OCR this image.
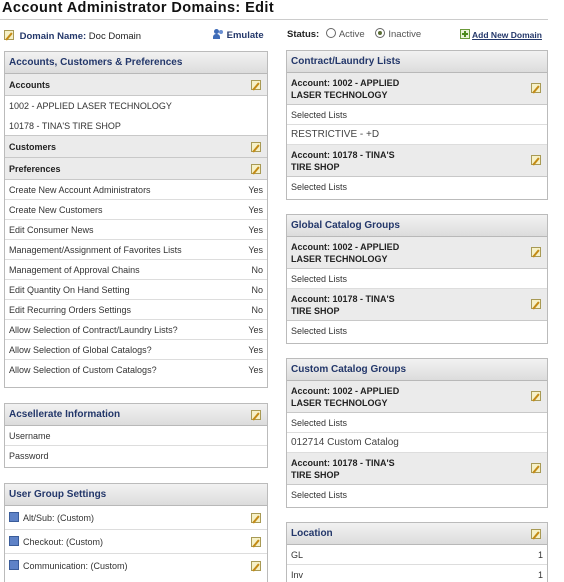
Account Administrator Domains: Edit
Domain Name: Doc Domain	Emulate Status: Active Inactive	Add New Domain
Accounts, Customers & Preferences
Accounts
1002 - APPLIED LASER TECHNOLOGY
10178 - TINA'S TIRE SHOP
Customers
Preferences
Create New Account Administrators	Yes
Create New Customers	Yes
Edit Consumer News	Yes
Management/Assignment of Favorites Lists	Yes
Management of Approval Chains	No
Edit Quantity On Hand Setting	No
Edit Recurring Orders Settings	No
Allow Selection of Contract/Laundry Lists?	Yes
Allow Selection of Global Catalogs?	Yes
Allow Selection of Custom Catalogs?	Yes
Acsellerate Information
Username
Password
User Group Settings
Alt/Sub: (Custom)
Checkout: (Custom)
Communication: (Custom)
Contract/Laundry Lists
Account: 1002 - APPLIED
LASER TECHNOLOGY
Selected Lists
RESTRICTIVE - +D
Account: 10178 - TINA'S
TIRE SHOP
Selected Lists
Global Catalog Groups
Account: 1002 - APPLIED
LASER TECHNOLOGY
Selected Lists
Account: 10178 - TINA'S
TIRE SHOP
Selected Lists
Custom Catalog Groups
Account: 1002 - APPLIED
LASER TECHNOLOGY
Selected Lists
012714 Custom Catalog
Account: 10178 - TINA'S
TIRE SHOP
Selected Lists
Location
GL	1
Inv	1
